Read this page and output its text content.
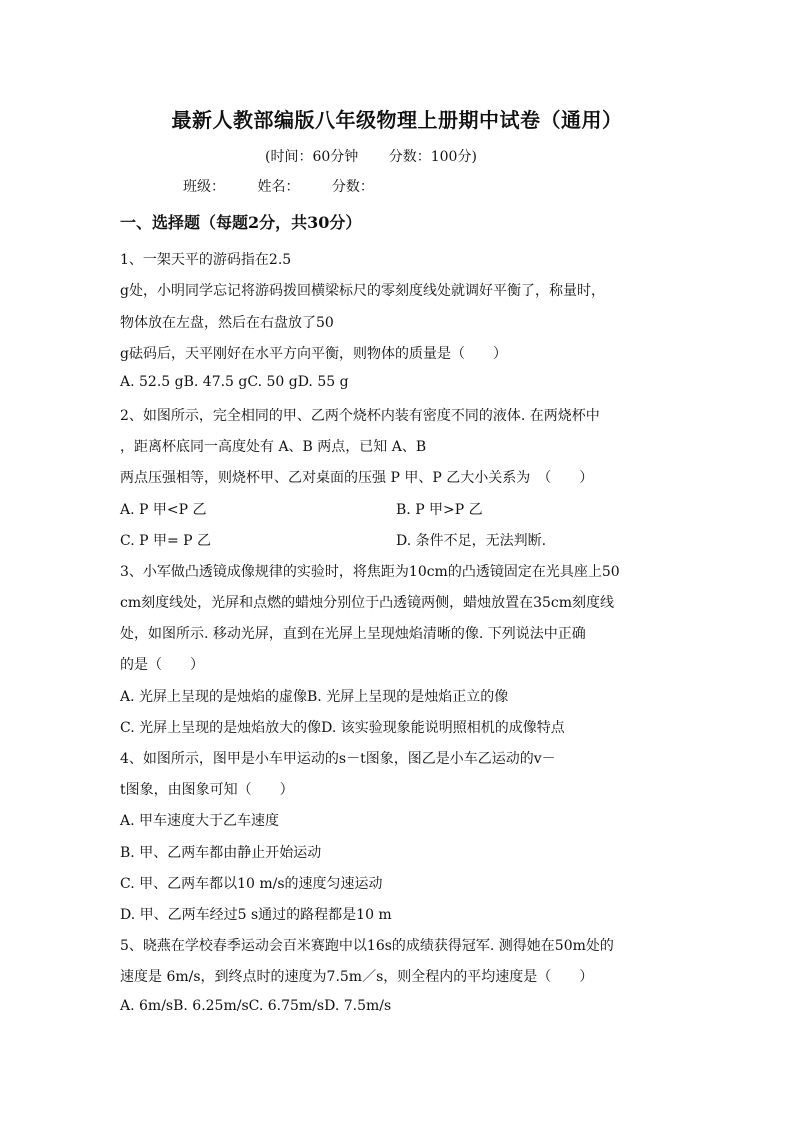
最新人教部编版八年级物理上册期中试卷（通用）
(时间：60分钟 分数：100分)
班级： 姓名： 分数：
一、选择题（每题2分，共30分）
1、一架天平的游码指在2.5
g处，小明同学忘记将游码拨回横梁标尺的零刻度线处就调好平衡了，称量时，
物体放在左盘，然后在右盘放了50
g砝码后，天平刚好在水平方向平衡，则物体的质量是（　　）
A. 52.5 gB. 47.5 gC. 50 gD. 55 g
2、如图所示，完全相同的甲、乙两个烧杯内装有密度不同的液体. 在两烧杯中
，距离杯底同一高度处有 A、B 两点，已知 A、B
两点压强相等，则烧杯甲、乙对桌面的压强 P 甲、P 乙大小关系为　（　　）
A. P 甲<P 乙	B. P 甲>P 乙
C. P 甲= P 乙	D. 条件不足，无法判断.
3、小军做凸透镜成像规律的实验时，将焦距为10cm的凸透镜固定在光具座上50
cm刻度线处，光屏和点燃的蜡烛分别位于凸透镜两侧，蜡烛放置在35cm刻度线
处，如图所示. 移动光屏，直到在光屏上呈现烛焰清晰的像. 下列说法中正确
的是（　　）
A. 光屏上呈现的是烛焰的虚像B. 光屏上呈现的是烛焰正立的像
C. 光屏上呈现的是烛焰放大的像D. 该实验现象能说明照相机的成像特点
4、如图所示，图甲是小车甲运动的s－t图象，图乙是小车乙运动的v－
t图象，由图象可知（　　）
A. 甲车速度大于乙车速度
B. 甲、乙两车都由静止开始运动
C. 甲、乙两车都以10 m/s的速度匀速运动
D. 甲、乙两车经过5 s通过的路程都是10 m
5、晓燕在学校春季运动会百米赛跑中以16s的成绩获得冠军. 测得她在50m处的
速度是 6m/s，到终点时的速度为7.5m／s，则全程内的平均速度是（　　）
A. 6m/sB. 6.25m/sC. 6.75m/sD. 7.5m/s
